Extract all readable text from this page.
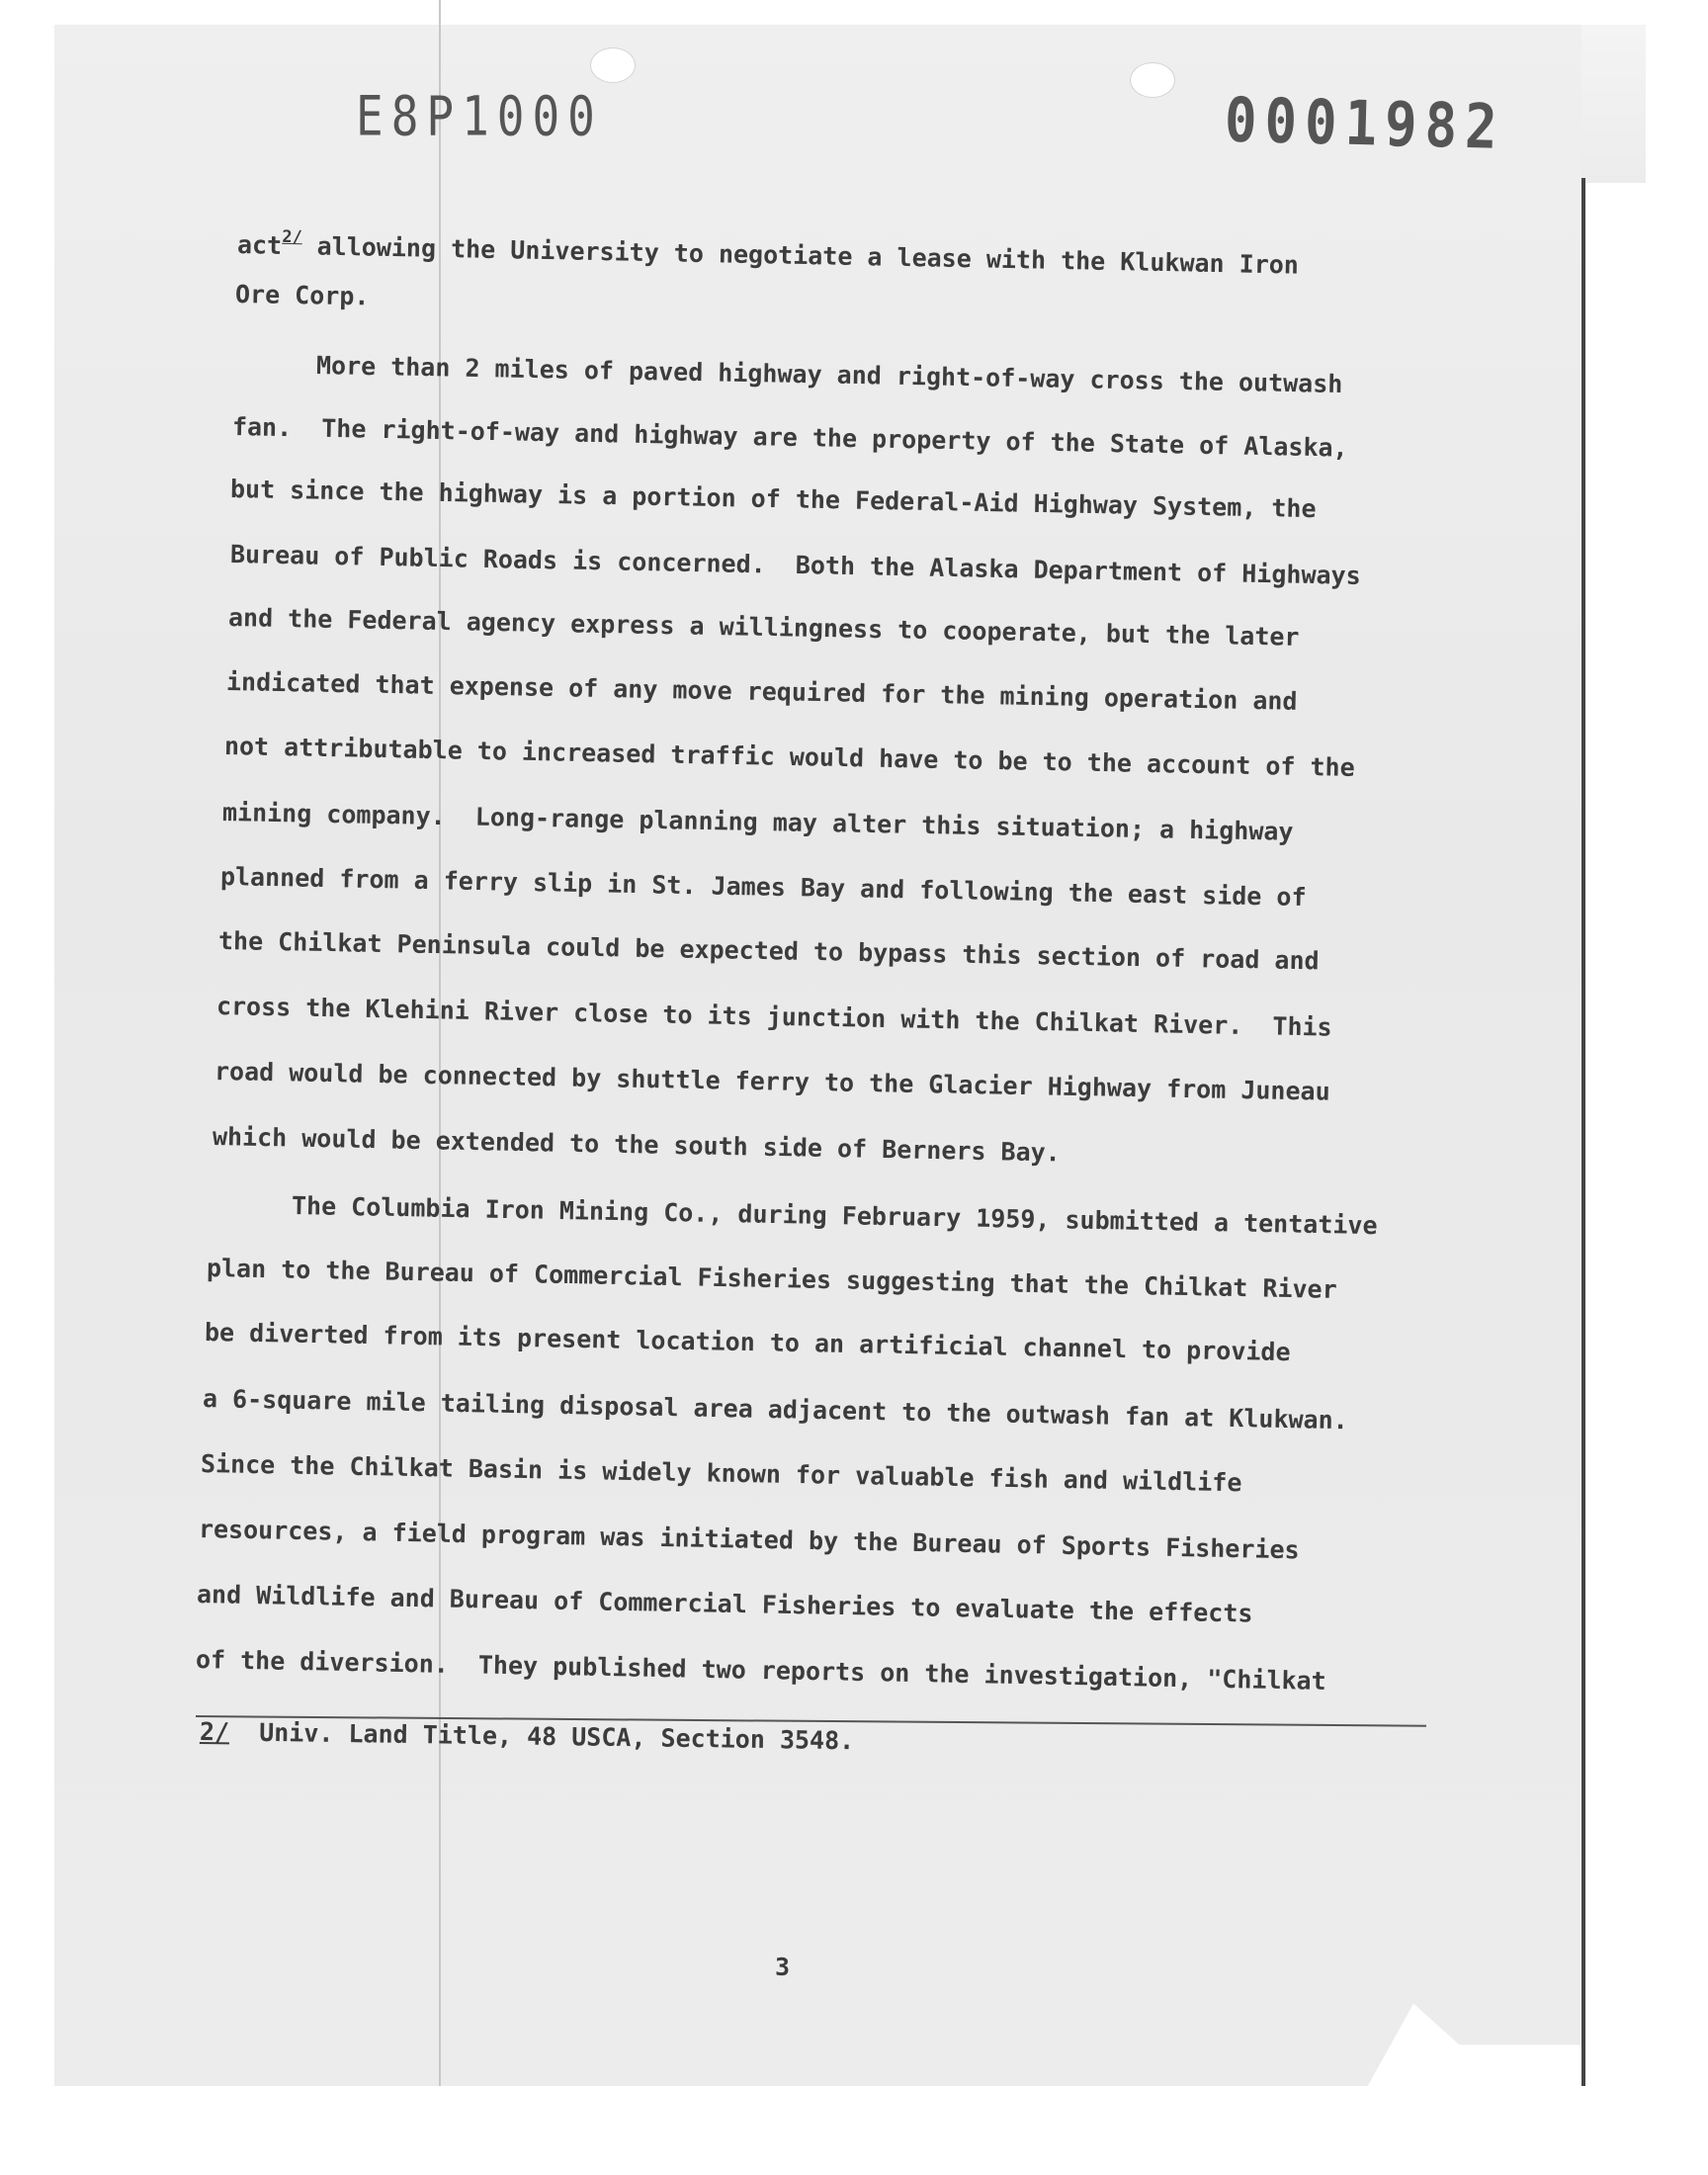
E8P1000	0001982
act$^{2/}$ allowing the University to negotiate a lease with the Klukwan Iron
Ore Corp.
More than 2 miles of paved highway and right-of-way cross the outwash
fan.  The right-of-way and highway are the property of the State of Alaska,
but since the highway is a portion of the Federal-Aid Highway System, the
Bureau of Public Roads is concerned.  Both the Alaska Department of Highways
and the Federal agency express a willingness to cooperate, but the later
indicated that expense of any move required for the mining operation and
not attributable to increased traffic would have to be to the account of the
mining company.  Long-range planning may alter this situation; a highway
planned from a ferry slip in St. James Bay and following the east side of
the Chilkat Peninsula could be expected to bypass this section of road and
cross the Klehini River close to its junction with the Chilkat River.  This
road would be connected by shuttle ferry to the Glacier Highway from Juneau
which would be extended to the south side of Berners Bay.
The Columbia Iron Mining Co., during February 1959, submitted a tentative
plan to the Bureau of Commercial Fisheries suggesting that the Chilkat River
be diverted from its present location to an artificial channel to provide
a 6-square mile tailing disposal area adjacent to the outwash fan at Klukwan.
Since the Chilkat Basin is widely known for valuable fish and wildlife
resources, a field program was initiated by the Bureau of Sports Fisheries
and Wildlife and Bureau of Commercial Fisheries to evaluate the effects
of the diversion.  They published two reports on the investigation, "Chilkat
2/  Univ. Land Title, 48 USCA, Section 3548.
3
